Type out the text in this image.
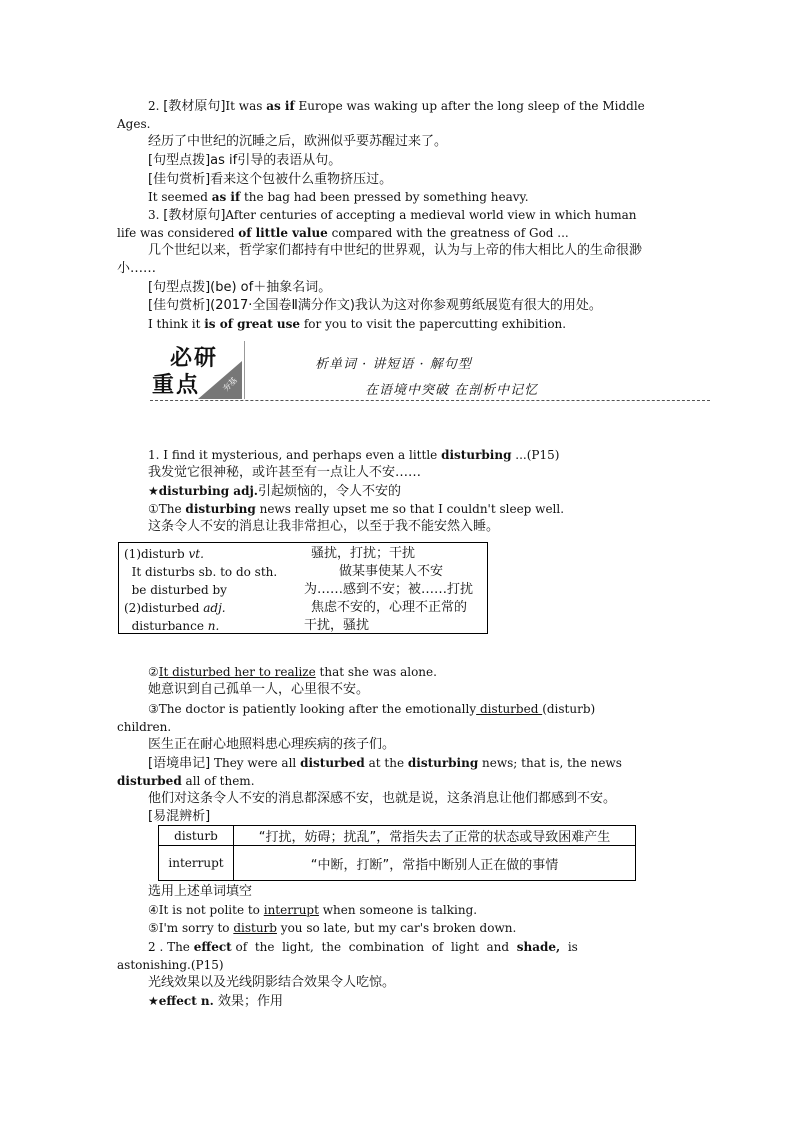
2. [教材原句]It was as if Europe was waking up after the long sleep of the Middle
Ages.
经历了中世纪的沉睡之后，欧洲似乎要苏醒过来了。
[句型点拨]as if引导的表语从句。
[佳句赏析]看来这个包被什么重物挤压过。
It seemed as if the bag had been pressed by something heavy.
3. [教材原句]After centuries of accepting a medieval world view in which human
life was considered of little value compared with the greatness of God ...
几个世纪以来，哲学家们都持有中世纪的世界观，认为与上帝的伟大相比人的生命很渺
小……
[句型点拨](be) of＋抽象名词。
[佳句赏析](2017·全国卷Ⅱ满分作文)我认为这对你参观剪纸展览有很大的用处。
I think it is of great use for you to visit the papercutting exhibition.
必研
重点	夯基
析单词 · 讲短语 · 解句型
在语境中突破 在剖析中记忆
1. I find it mysterious, and perhaps even a little disturbing ...(P15)
我发觉它很神秘，或许甚至有一点让人不安……
★disturbing adj.引起烦恼的，令人不安的
①The disturbing news really upset me so that I couldn't sleep well.
这条令人不安的消息让我非常担心，以至于我不能安然入睡。
(1)disturb vt.	骚扰，打扰；干扰
It disturbs sb. to do sth.	做某事使某人不安
be disturbed by	为……感到不安；被……打扰
(2)disturbed adj.	焦虑不安的，心理不正常的
disturbance n.	干扰，骚扰
②It disturbed her to realize that she was alone.
她意识到自己孤单一人，心里很不安。
③The doctor is patiently looking after the emotionally disturbed (disturb)
children.
医生正在耐心地照料患心理疾病的孩子们。
[语境串记] They were all disturbed at the disturbing news; that is, the news
disturbed all of them.
他们对这条令人不安的消息都深感不安，也就是说，这条消息让他们都感到不安。
[易混辨析]
disturb	“打扰，妨碍；扰乱”，常指失去了正常的状态或导致困难产生
interrupt	“中断，打断”，常指中断别人正在做的事情
选用上述单词填空
④It is not polite to interrupt when someone is talking.
⑤I'm sorry to disturb you so late, but my car's broken down.
2 . The effect of  the  light,  the  combination  of  light  and  shade,  is
astonishing.(P15)
光线效果以及光线阴影结合效果令人吃惊。
★effect n. 效果；作用
